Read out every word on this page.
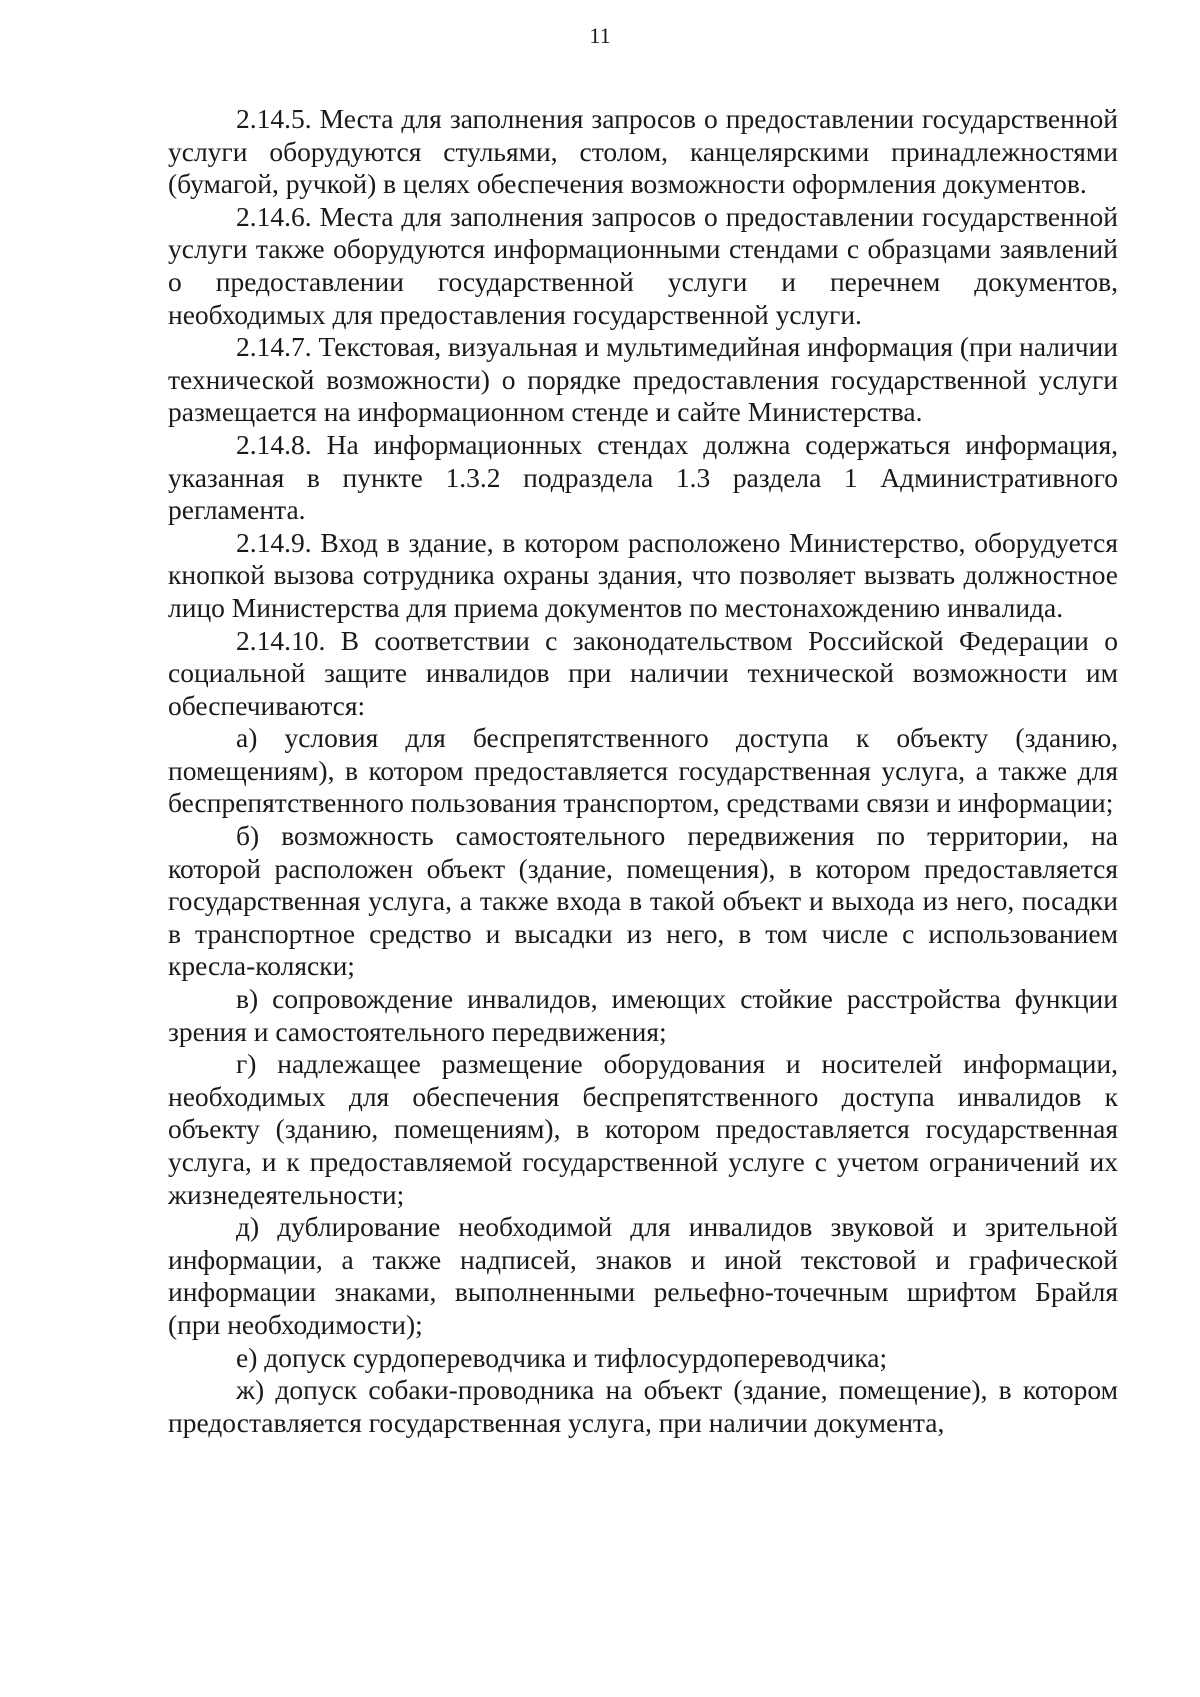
11

2.14.5. Места для заполнения запросов о предоставлении государственной услуги оборудуются стульями, столом, канцелярскими принадлежностями (бумагой, ручкой) в целях обеспечения возможности оформления документов.

2.14.6. Места для заполнения запросов о предоставлении государственной услуги также оборудуются информационными стендами с образцами заявлений о предоставлении государственной услуги и перечнем документов, необходимых для предоставления государственной услуги.

2.14.7. Текстовая, визуальная и мультимедийная информация (при наличии технической возможности) о порядке предоставления государственной услуги размещается на информационном стенде и сайте Министерства.

2.14.8. На информационных стендах должна содержаться информация, указанная в пункте 1.3.2 подраздела 1.3 раздела 1 Административного регламента.

2.14.9. Вход в здание, в котором расположено Министерство, оборудуется кнопкой вызова сотрудника охраны здания, что позволяет вызвать должностное лицо Министерства для приема документов по местонахождению инвалида.

2.14.10. В соответствии с законодательством Российской Федерации о социальной защите инвалидов при наличии технической возможности им обеспечиваются:

а) условия для беспрепятственного доступа к объекту (зданию, помещениям), в котором предоставляется государственная услуга, а также для беспрепятственного пользования транспортом, средствами связи и информации;

б) возможность самостоятельного передвижения по территории, на которой расположен объект (здание, помещения), в котором предоставляется государственная услуга, а также входа в такой объект и выхода из него, посадки в транспортное средство и высадки из него, в том числе с использованием кресла-коляски;

в) сопровождение инвалидов, имеющих стойкие расстройства функции зрения и самостоятельного передвижения;

г) надлежащее размещение оборудования и носителей информации, необходимых для обеспечения беспрепятственного доступа инвалидов к объекту (зданию, помещениям), в котором предоставляется государственная услуга, и к предоставляемой государственной услуге с учетом ограничений их жизнедеятельности;

д) дублирование необходимой для инвалидов звуковой и зрительной информации, а также надписей, знаков и иной текстовой и графической информации знаками, выполненными рельефно-точечным шрифтом Брайля (при необходимости);

е) допуск сурдопереводчика и тифлосурдопереводчика;

ж) допуск собаки-проводника на объект (здание, помещение), в котором предоставляется государственная услуга, при наличии документа,
